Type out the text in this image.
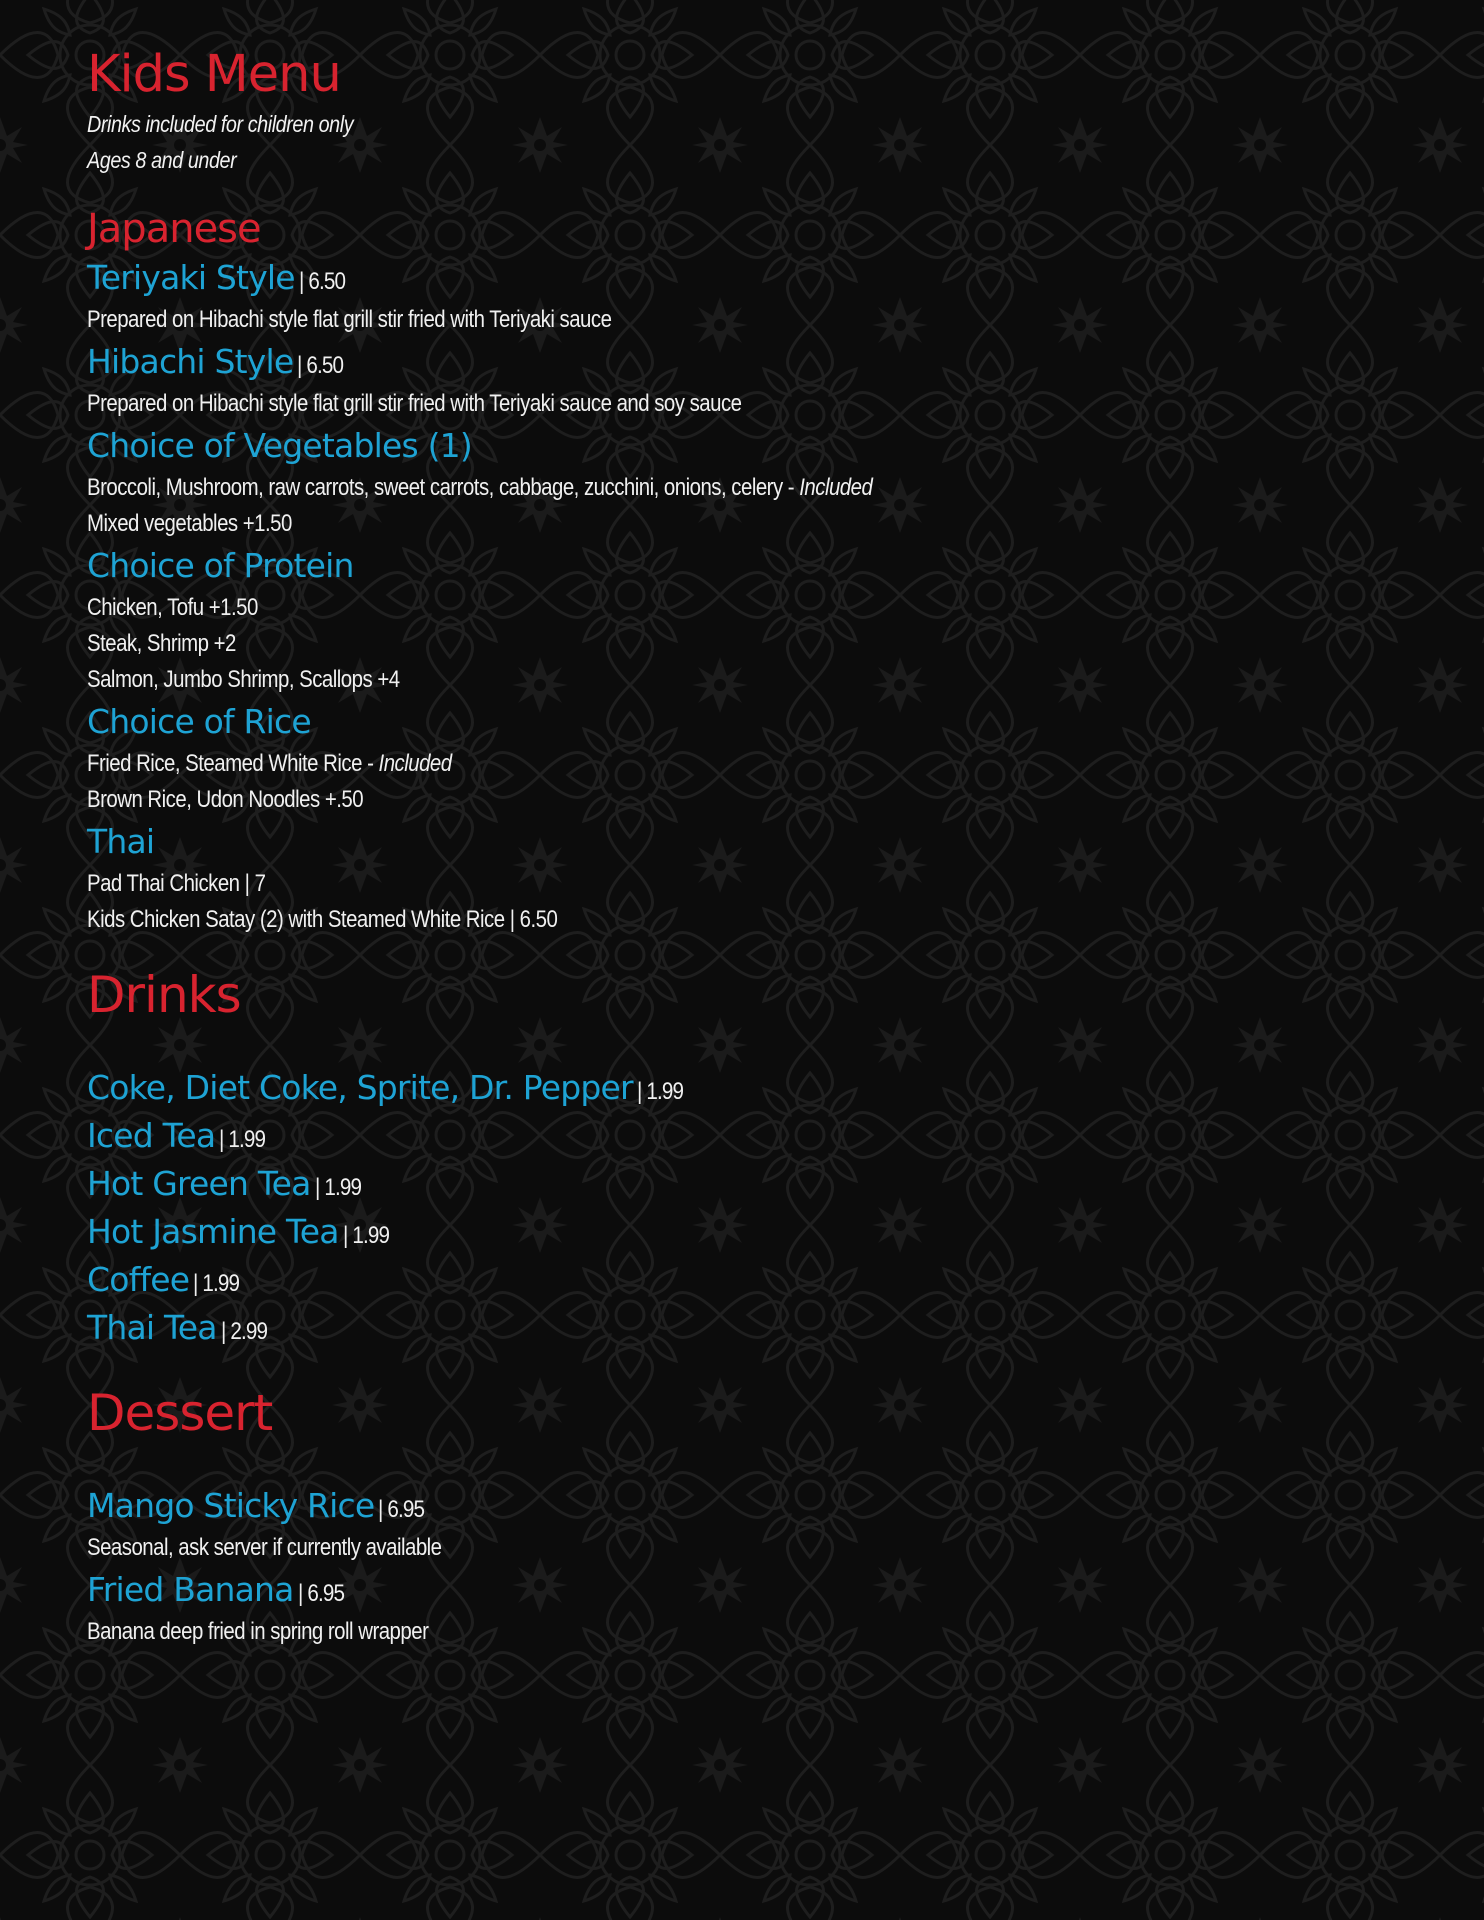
Kids Menu
Drinks included for children only
Ages 8 and under
Japanese
Teriyaki Style | 6.50
Prepared on Hibachi style flat grill stir fried with Teriyaki sauce
Hibachi Style | 6.50
Prepared on Hibachi style flat grill stir fried with Teriyaki sauce and soy sauce
Choice of Vegetables (1)
Broccoli, Mushroom, raw carrots, sweet carrots, cabbage, zucchini, onions, celery - Included
Mixed vegetables +1.50
Choice of Protein
Chicken, Tofu +1.50
Steak, Shrimp +2
Salmon, Jumbo Shrimp, Scallops +4
Choice of Rice
Fried Rice, Steamed White Rice - Included
Brown Rice, Udon Noodles +.50
Thai
Pad Thai Chicken | 7
Kids Chicken Satay (2) with Steamed White Rice | 6.50
Drinks
Coke, Diet Coke, Sprite, Dr. Pepper | 1.99
Iced Tea | 1.99
Hot Green Tea | 1.99
Hot Jasmine Tea | 1.99
Coffee | 1.99
Thai Tea | 2.99
Dessert
Mango Sticky Rice | 6.95
Seasonal, ask server if currently available
Fried Banana | 6.95
Banana deep fried in spring roll wrapper
